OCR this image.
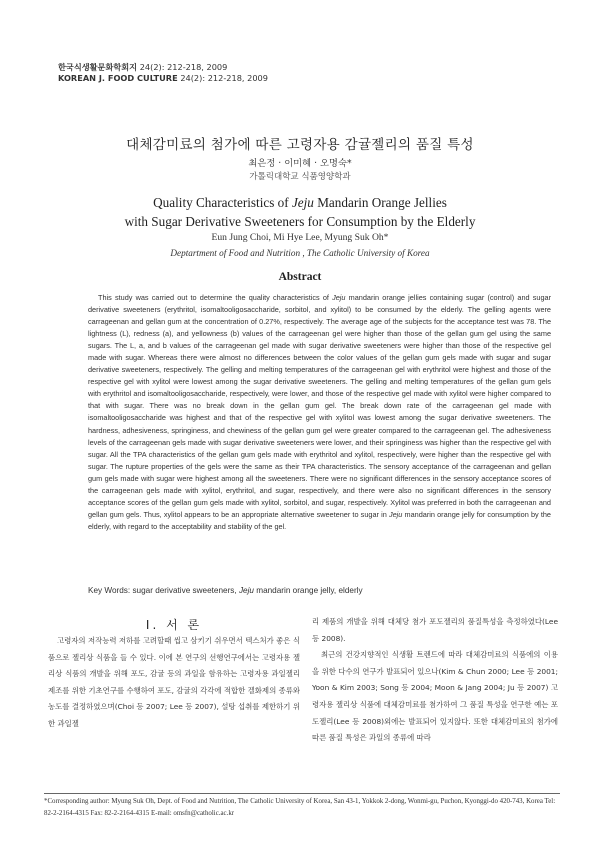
한국식생활문화학회지 24(2): 212-218, 2009
KOREAN J. FOOD CULTURE 24(2): 212-218, 2009
대체감미료의 첨가에 따른 고령자용 감귤젤리의 품질 특성
최은정 · 이미혜 · 오명숙*
가톨릭대학교 식품영양학과
Quality Characteristics of Jeju Mandarin Orange Jellies
with Sugar Derivative Sweeteners for Consumption by the Elderly
Eun Jung Choi, Mi Hye Lee, Myung Suk Oh*
Deptartment of Food and Nutrition , The Catholic University of Korea
Abstract
This study was carried out to determine the quality characteristics of Jeju mandarin orange jellies containing sugar (control) and sugar derivative sweeteners (erythritol, isomaltooligosaccharide, sorbitol, and xylitol) to be consumed by the elderly. The gelling agents were carrageenan and gellan gum at the concentration of 0.27%, respectively. The average age of the subjects for the acceptance test was 78. The lightness (L), redness (a), and yellowness (b) values of the carrageenan gel were higher than those of the gellan gum gel using the same sugars. The L, a, and b values of the carrageenan gel made with sugar derivative sweeteners were higher than those of the respective gel made with sugar. Whereas there were almost no differences between the color values of the gellan gum gels made with sugar and sugar derivative sweeteners, respectively. The gelling and melting temperatures of the carrageenan gel with erythritol were highest and those of the respective gel with xylitol were lowest among the sugar derivative sweeteners. The gelling and melting temperatures of the gellan gum gels with erythritol and isomaltooligosaccharide, respectively, were lower, and those of the respective gel made with xylitol were higher compared to that with sugar. There was no break down in the gellan gum gel. The break down rate of the carrageenan gel made with isomaltooligosaccharide was highest and that of the respective gel with xylitol was lowest among the sugar derivative sweeteners. The hardness, adhesiveness, springiness, and chewiness of the gellan gum gel were greater compared to the carrageenan gel. The adhesiveness levels of the carrageenan gels made with sugar derivative sweeteners were lower, and their springiness was higher than the respective gel with sugar. All the TPA characteristics of the gellan gum gels made with erythritol and xylitol, respectively, were higher than the respective gel with sugar. The rupture properties of the gels were the same as their TPA characteristics. The sensory acceptance of the carrageenan and gellan gum gels made with sugar were highest among all the sweeteners. There were no significant differences in the sensory acceptance scores of the carrageenan gels made with xylitol, erythritol, and sugar, respectively, and there were also no significant differences in the sensory acceptance scores of the gellan gum gels made with xylitol, sorbitol, and sugar, respectively. Xylitol was preferred in both the carrageenan and gellan gum gels. Thus, xylitol appears to be an appropriate alternative sweetener to sugar in Jeju mandarin orange jelly for consumption by the elderly, with regard to the acceptability and stability of the gel.
Key Words: sugar derivative sweeteners, Jeju mandarin orange jelly, elderly
I. 서 론

고령자의 저작능력 저하를 고려할때 씹고 삼키기 쉬우면서 텍스처가 좋은 식품으로 젤리상 식품을 들 수 있다. 이에 본 연구의 선행연구에서는 고령자용 젤리상 식품의 개발을 위해 포도, 감귤 등의 과일을 함유하는 고령자용 과일젤리 제조를 위한 기초연구를 수행하여 포도, 감귤의 각각에 적합한 겔화제의 종류와 농도를 결정하였으며(Choi 등 2007; Lee 등 2007), 설탕 섭취를 제한하기 위한 과일젤

리 제품의 개발을 위해 대체당 첨가 포도젤리의 품질특성을 측정하였다(Lee 등 2008).

최근의 건강지향적인 식생활 트렌드에 따라 대체감미료의 식품에의 이용을 위한 다수의 연구가 발표되어 있으나(Kim & Chun 2000; Lee 등 2001; Yoon & Kim 2003; Song 등 2004; Moon & Jang 2004; Ju 등 2007) 고령자용 젤리상 식품에 대체감미료를 첨가하여 그 품질 특성을 연구한 예는 포도젤리(Lee 등 2008)외에는 발표되어 있지않다. 또한 대체감미료의 첨가에 따른 품질 특성은 과일의 종류에 따라

*Corresponding author: Myung Suk Oh, Dept. of Food and Nutrition, The Catholic University of Korea, San 43-1, Yokkok 2-dong, Wonmi-gu, Puchon, Kyonggi-do 420-743, Korea Tel: 82-2-2164-4315 Fax: 82-2-2164-4315 E-mail: omsfn@catholic.ac.kr
